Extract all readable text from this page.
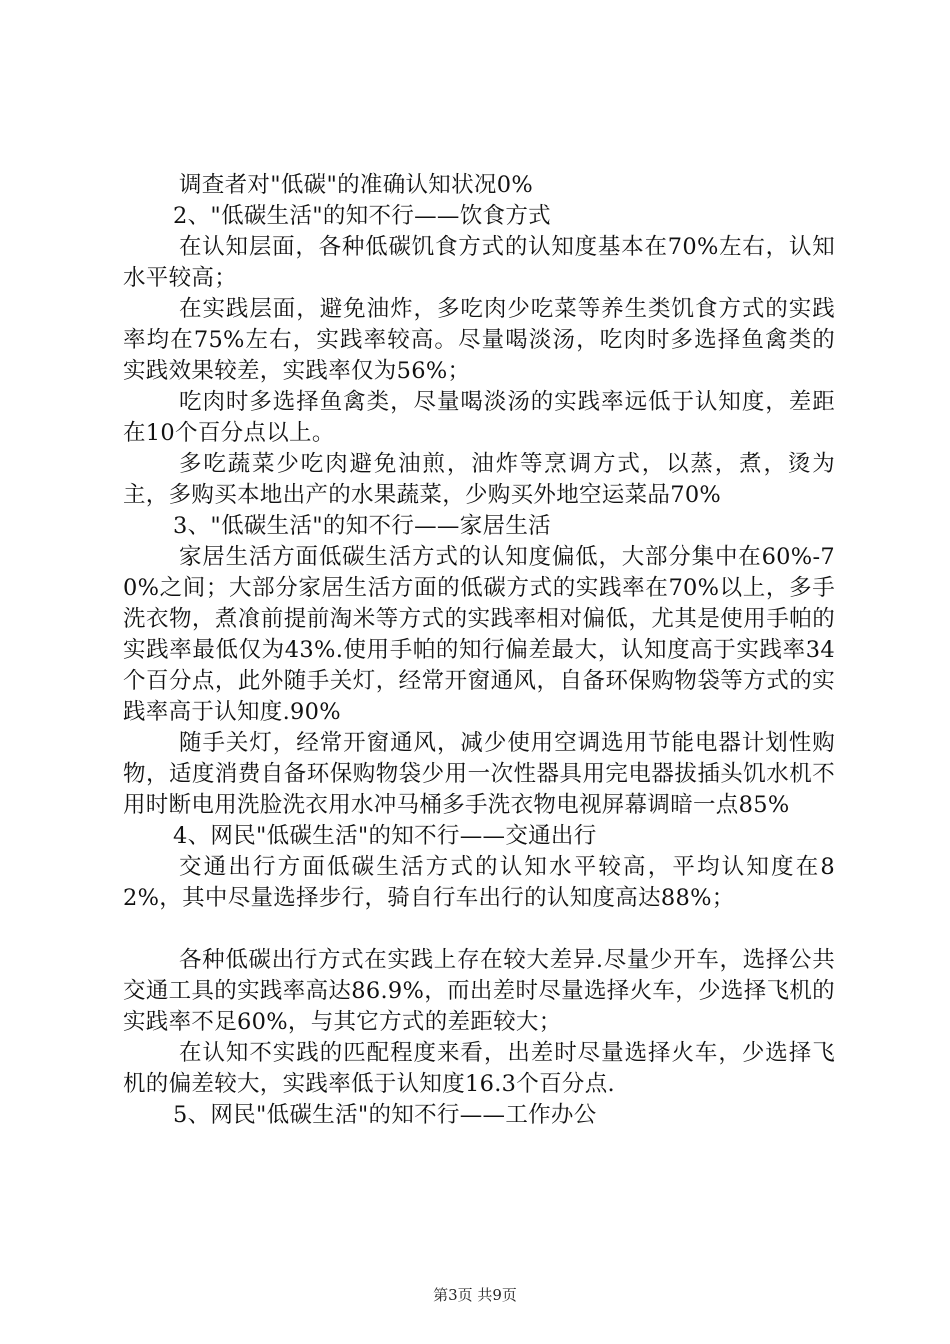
调查者对"低碳"的准确认知状况0%

2、"低碳生活"的知不行——饮食方式

在认知层面，各种低碳饥食方式的认知度基本在70%左右，认知水平较高；

在实践层面，避免油炸，多吃肉少吃菜等养生类饥食方式的实践率均在75%左右，实践率较高。尽量喝淡汤，吃肉时多选择鱼禽类的实践效果较差，实践率仅为56%；

吃肉时多选择鱼禽类，尽量喝淡汤的实践率远低于认知度，差距在10个百分点以上。

多吃蔬菜少吃肉避免油煎，油炸等烹调方式，以蒸，煮，烫为主，多购买本地出产的水果蔬菜，少购买外地空运菜品70%

3、"低碳生活"的知不行——家居生活

家居生活方面低碳生活方式的认知度偏低，大部分集中在60%-70%之间；大部分家居生活方面的低碳方式的实践率在70%以上，多手洗衣物，煮飡前提前淘米等方式的实践率相对偏低，尤其是使用手帕的实践率最低仅为43%.使用手帕的知行偏差最大，认知度高于实践率34个百分点，此外随手关灯，经常开窗通风，自备环保购物袋等方式的实践率高于认知度.90%

随手关灯，经常开窗通风，减少使用空调选用节能电器计划性购物，适度消费自备环保购物袋少用一次性器具用完电器拔插头饥水机不用时断电用洗脸洗衣用水冲马桶多手洗衣物电视屏幕调暗一点85%

4、网民"低碳生活"的知不行——交通出行

交通出行方面低碳生活方式的认知水平较高，平均认知度在82%，其中尽量选择步行，骑自行车出行的认知度高达88%；

各种低碳出行方式在实践上存在较大差异.尽量少开车，选择公共交通工具的实践率高达86.9%，而出差时尽量选择火车，少选择飞机的实践率不足60%，与其它方式的差距较大；

在认知不实践的匹配程度来看，出差时尽量选择火车，少选择飞机的偏差较大，实践率低于认知度16.3个百分点.

5、网民"低碳生活"的知不行——工作办公

第3页 共9页
